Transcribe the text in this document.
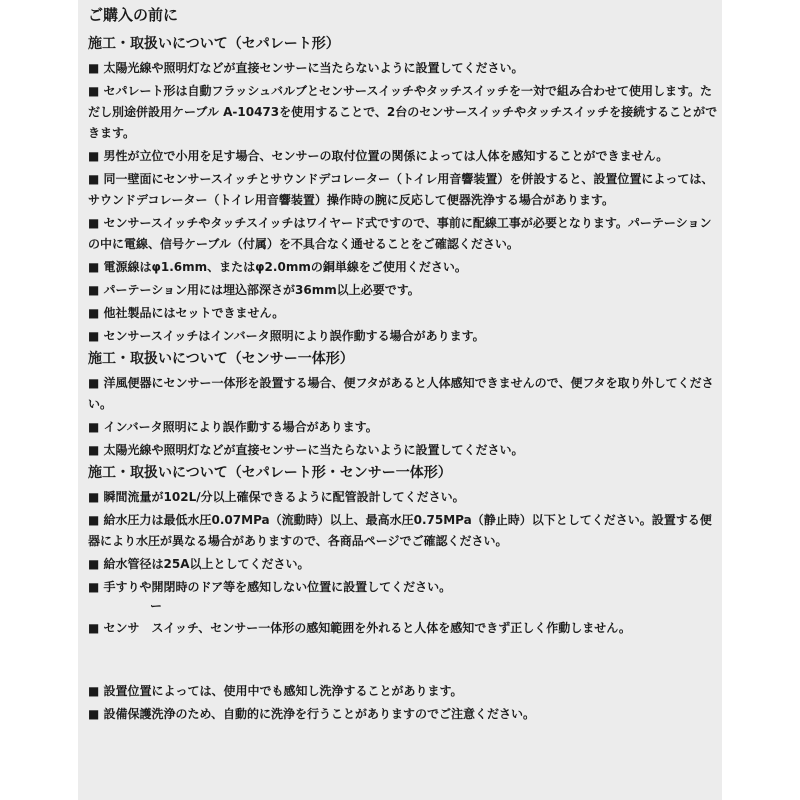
ご購入の前に
施工・取扱いについて（セパレート形）
■ 太陽光線や照明灯などが直接センサーに当たらないように設置してください。
■ セパレート形は自動フラッシュバルブとセンサースイッチやタッチスイッチを一対で組み合わせて使用します。ただし別途併設用ケーブル A-10473を使用することで、2台のセンサースイッチやタッチスイッチを接続することができます。
■ 男性が立位で小用を足す場合、センサーの取付位置の関係によっては人体を感知することができません。
■ 同一壁面にセンサースイッチとサウンドデコレーター（トイレ用音響装置）を併設すると、設置位置によっては、サウンドデコレーター（トイレ用音響装置）操作時の腕に反応して便器洗浄する場合があります。
■ センサースイッチやタッチスイッチはワイヤード式ですので、事前に配線工事が必要となります。パーテーションの中に電線、信号ケーブル（付属）を不具合なく通せることをご確認ください。
■ 電源線はφ1.6mm、またはφ2.0mmの銅単線をご使用ください。
■ パーテーション用には埋込部深さが36mm以上必要です。
■ 他社製品にはセットできません。
■ センサースイッチはインバータ照明により誤作動する場合があります。
施工・取扱いについて（センサー一体形）
■ 洋風便器にセンサー一体形を設置する場合、便フタがあると人体感知できませんので、便フタを取り外してください。
■ インバータ照明により誤作動する場合があります。
■ 太陽光線や照明灯などが直接センサーに当たらないように設置してください。
施工・取扱いについて（セパレート形・センサー一体形）
■ 瞬間流量が102L/分以上確保できるように配管設計してください。
■ 給水圧力は最低水圧0.07MPa（流動時）以上、最高水圧0.75MPa（静止時）以下としてください。設置する便器により水圧が異なる場合がありますので、各商品ページでご確認ください。
■ 給水管径は25A以上としてください。
■ 手すりや開閉時のドア等を感知しない位置に設置してください。
ー
■ センサ　スイッチ、センサー一体形の感知範囲を外れると人体を感知できず正しく作動しません。
■ 設置位置によっては、使用中でも感知し洗浄することがあります。
■ 設備保護洗浄のため、自動的に洗浄を行うことがありますのでご注意ください。
